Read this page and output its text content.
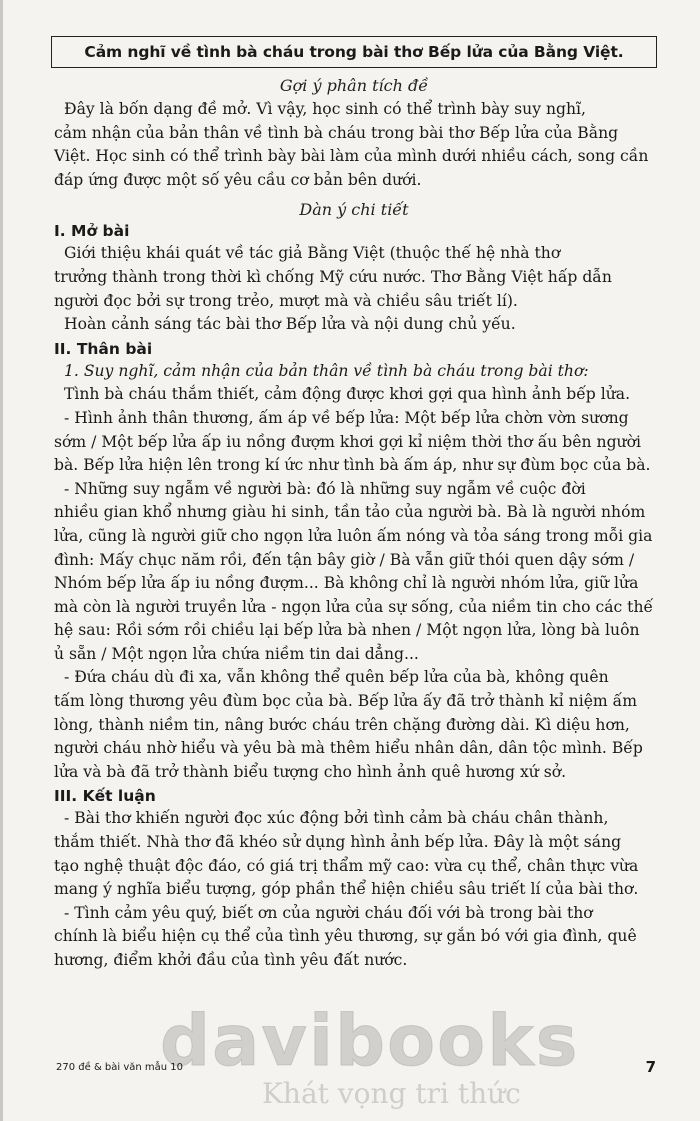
Cảm nghĩ về tình bà cháu trong bài thơ Bếp lửa của Bằng Việt.
Gợi ý phân tích đề
Đây là bốn dạng đề mở. Vì vậy, học sinh có thể trình bày suy nghĩ,
cảm nhận của bản thân về tình bà cháu trong bài thơ Bếp lửa của Bằng
Việt. Học sinh có thể trình bày bài làm của mình dưới nhiều cách, song cần
đáp ứng được một số yêu cầu cơ bản bên dưới.
Dàn ý chi tiết
I. Mở bài
Giới thiệu khái quát về tác giả Bằng Việt (thuộc thế hệ nhà thơ
trưởng thành trong thời kì chống Mỹ cứu nước. Thơ Bằng Việt hấp dẫn
người đọc bởi sự trong trẻo, mượt mà và chiều sâu triết lí).
Hoàn cảnh sáng tác bài thơ Bếp lửa và nội dung chủ yếu.
II. Thân bài
1. Suy nghĩ, cảm nhận của bản thân về tình bà cháu trong bài thơ:
Tình bà cháu thắm thiết, cảm động được khơi gợi qua hình ảnh bếp lửa.
- Hình ảnh thân thương, ấm áp về bếp lửa: Một bếp lửa chờn vờn sương
sớm / Một bếp lửa ấp iu nồng đượm khơi gợi kỉ niệm thời thơ ấu bên người
bà. Bếp lửa hiện lên trong kí ức như tình bà ấm áp, như sự đùm bọc của bà.
- Những suy ngẫm về người bà: đó là những suy ngẫm về cuộc đời
nhiều gian khổ nhưng giàu hi sinh, tần tảo của người bà. Bà là người nhóm
lửa, cũng là người giữ cho ngọn lửa luôn ấm nóng và tỏa sáng trong mỗi gia
đình: Mấy chục năm rồi, đến tận bây giờ / Bà vẫn giữ thói quen dậy sớm /
Nhóm bếp lửa ấp iu nồng đượm... Bà không chỉ là người nhóm lửa, giữ lửa
mà còn là người truyền lửa - ngọn lửa của sự sống, của niềm tin cho các thế
hệ sau: Rồi sớm rồi chiều lại bếp lửa bà nhen / Một ngọn lửa, lòng bà luôn
ủ sẵn / Một ngọn lửa chứa niềm tin dai dẳng...
- Đứa cháu dù đi xa, vẫn không thể quên bếp lửa của bà, không quên
tấm lòng thương yêu đùm bọc của bà. Bếp lửa ấy đã trở thành kỉ niệm ấm
lòng, thành niềm tin, nâng bước cháu trên chặng đường dài. Kì diệu hơn,
người cháu nhờ hiểu và yêu bà mà thêm hiểu nhân dân, dân tộc mình. Bếp
lửa và bà đã trở thành biểu tượng cho hình ảnh quê hương xứ sở.
III. Kết luận
- Bài thơ khiến người đọc xúc động bởi tình cảm bà cháu chân thành,
thắm thiết. Nhà thơ đã khéo sử dụng hình ảnh bếp lửa. Đây là một sáng
tạo nghệ thuật độc đáo, có giá trị thẩm mỹ cao: vừa cụ thể, chân thực vừa
mang ý nghĩa biểu tượng, góp phần thể hiện chiều sâu triết lí của bài thơ.
- Tình cảm yêu quý, biết ơn của người cháu đối với bà trong bài thơ
chính là biểu hiện cụ thể của tình yêu thương, sự gắn bó với gia đình, quê
hương, điểm khởi đầu của tình yêu đất nước.
davibooks
Khát vọng tri thức
270 đề & bài văn mẫu 10	7
